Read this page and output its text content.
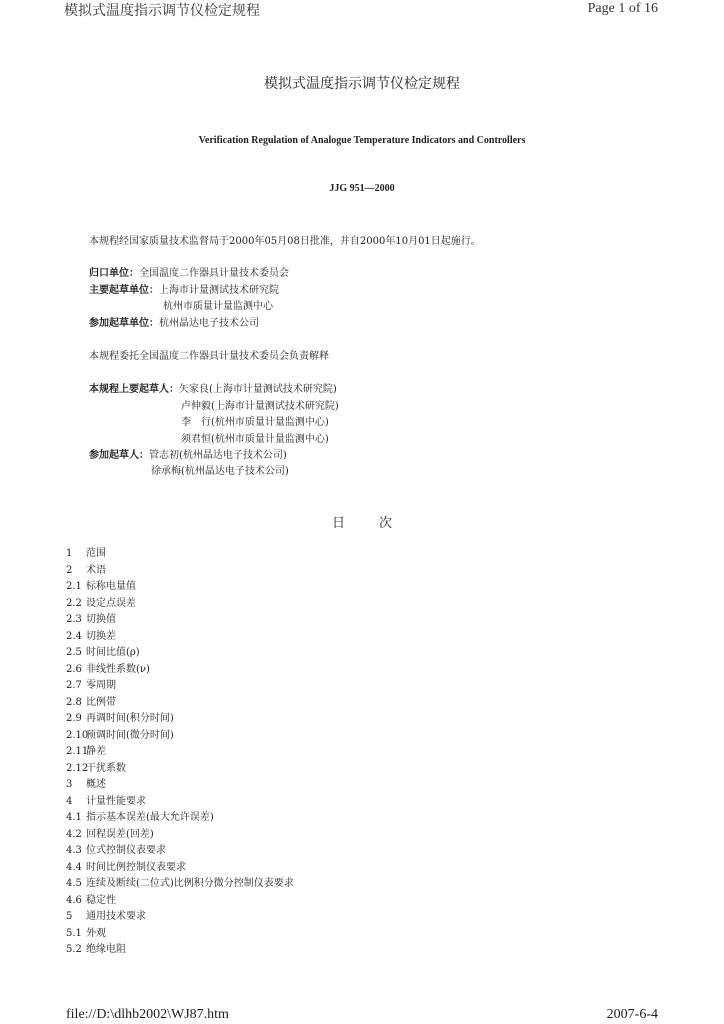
模拟式温度指示调节仪检定规程	Page 1 of 16
模拟式温度指示调节仪检定规程
Verification Regulation of Analogue Temperature Indicators and Controllers
JJG 951—2000
本规程经国家质量技术监督局于2000年05月08日批准，并自2000年10月01日起施行。
归口单位：全国温度二作器具计量技术委员会
主要起草单位：上海市计量测试技术研究院
杭州市质量计量监测中心
参加起草单位：杭州晶达电子技术公司
本规程委托全国温度二作器具计量技术委员会负责解释
本规程上要起草人：矢家良(上海市计量测试技术研究院)
卢伸毅(上海市计量测试技术研究院)
李　行(杭州市质量计量监测中心)
须君恒(杭州市质量计量监测中心)
参加起草人：管志初(杭州晶达电子技术公司)
徐承梅(杭州晶达电子技术公司)
日	次
1 范围
2 术语
2.1 标称电量值
2.2 设定点误差
2.3 切换值
2.4 切换差
2.5 时间比值(ρ)
2.6 非线性系数(ν)
2.7 零周期
2.8 比例带
2.9 再调时间(积分时间)
2.10预调时间(微分时间)
2.11静差
2.12干扰系数
3 概述
4 计量性能要求
4.1 指示基本误差(最大允许误差)
4.2 回程误差(回差)
4.3 位式控制仪表要求
4.4 时间比例控制仪表要求
4.5 连续及断续(二位式)比例积分微分控制仪表要求
4.6 稳定性
5 通用技术要求
5.1 外观
5.2 绝缘电阻
file://D:\dlhb2002\WJ87.htm	2007-6-4
